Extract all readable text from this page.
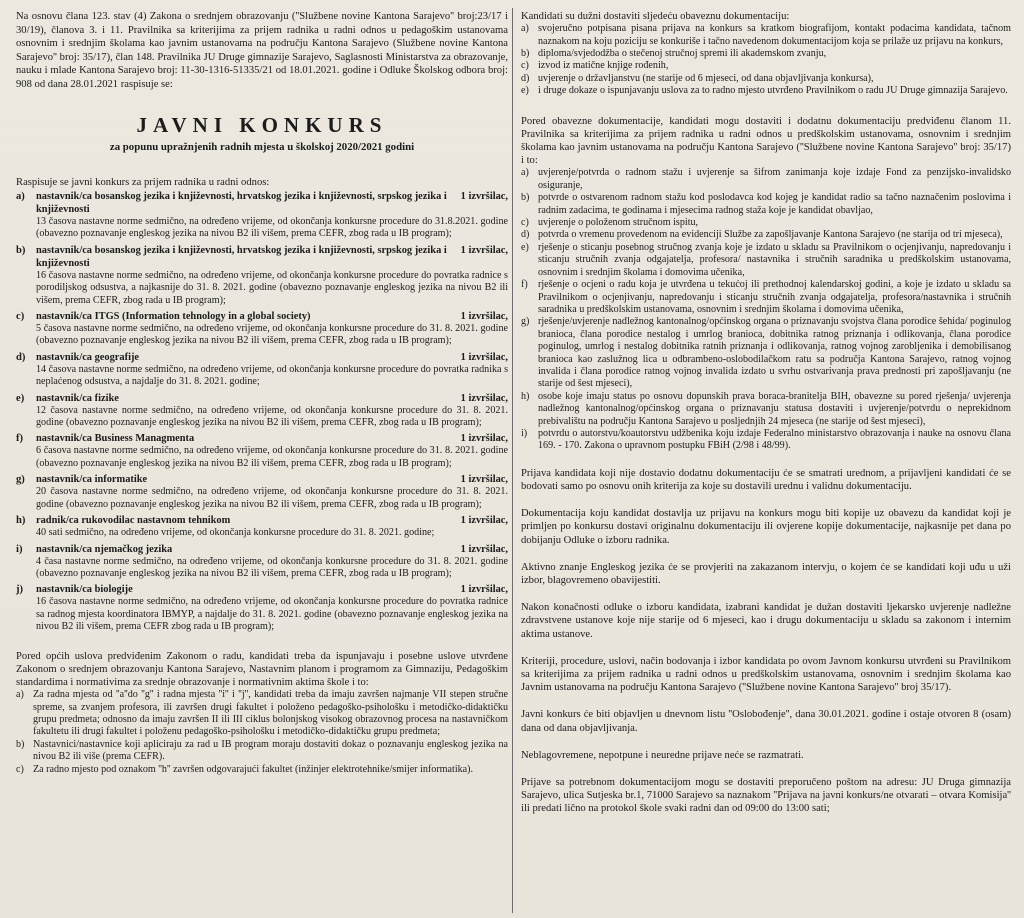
Na osnovu člana 123. stav (4) Zakona o srednjem obrazovanju (''Službene novine Kantona Sarajevo'' broj:23/17 i 30/19), članova 3. i 11. Pravilnika sa kriterijima za prijem radnika u radni odnos u pedagoškim ustanovama osnovnim i srednjim školama kao javnim ustanovama na području Kantona Sarajevo (Službene novine Kantona Sarajevo'' broj: 35/17), član 148. Pravilnika JU Druge gimnazije Sarajevo, Saglasnosti Ministarstva za obrazovanje, nauku i mlade Kantona Sarajevo broj: 11-30-1316-51335/21 od 18.01.2021. godine i Odluke Školskog odbora broj: 908 od dana 28.01.2021 raspisuje se:

JAVNI KONKURS
za popunu upražnjenih radnih mjesta u školskoj 2020/2021 godini

Raspisuje se javni konkurs za prijem radnika u radni odnos:

a)	nastavnik/ca bosanskog jezika i književnosti, hrvatskog jezika i književnosti, srpskog jezika i književnosti
1 izvršilac,

13 časova nastavne norme sedmično, na određeno vrijeme, od okončanja konkursne procedure do 31.8.2021. godine (obavezno poznavanje engleskog jezika na nivou B2 ili višem, prema CEFR, zbog rada u IB program);

b)	nastavnik/ca bosanskog jezika i književnosti, hrvatskog jezika i književnosti, srpskog jezika i književnosti
1 izvršilac,

16 časova nastavne norme sedmično, na određeno vrijeme, od okončanja konkursne procedure do povratka radnice s porodiljskog odsustva, a najkasnije do 31. 8. 2021. godine (obavezno poznavanje engleskog jezika na nivou B2 ili višem, prema CEFR, zbog rada u IB program);

c)	nastavnik/ca ITGS (Information tehnology in a global society)	1 izvršilac,

5 časova nastavne norme sedmično, na određeno vrijeme, od okončanja konkursne procedure do 31. 8. 2021. godine (obavezno poznavanje engleskog jezika na nivou B2 ili višem, prema CEFR, zbog rada u IB program);

d)	nastavnik/ca geografije	1 izvršilac,

14 časova nastavne norme sedmično, na određeno vrijeme, od okončanja konkursne procedure do povratka radnika s neplaćenog odsustva, a najdalje do 31. 8. 2021. godine;

e)	nastavnik/ca fizike	1 izvršilac,

12 časova nastavne norme sedmično, na određeno vrijeme, od okončanja konkursne procedure do 31. 8. 2021. godine (obavezno poznavanje engleskog jezika na nivou B2 ili višem, prema CEFR, zbog rada u IB program);

f)	nastavnik/ca Business Managmenta	1 izvršilac,

6 časova nastavne norme sedmično, na određeno vrijeme, od okončanja konkursne procedure do 31. 8. 2021. godine (obavezno poznavanje engleskog jezika na nivou B2 ili višem, prema CEFR, zbog rada u IB program);

g)	nastavnik/ca informatike	1 izvršilac,

20 časova nastavne norme sedmično, na određeno vrijeme, od okončanja konkursne procedure do 31. 8. 2021. godine (obavezno poznavanje engleskog jezika na nivou B2 ili višem, prema CEFR, zbog rada u IB program);

h)	radnik/ca rukovodilac nastavnom tehnikom	1 izvršilac,

40 sati sedmično, na određeno vrijeme, od okončanja konkursne procedure do 31. 8. 2021. godine;

i)	nastavnik/ca njemačkog jezika	1 izvršilac,

4 časa nastavne norme sedmično, na određeno vrijeme, od okončanja konkursne procedure do 31. 8. 2021. godine (obavezno poznavanje engleskog jezika na nivou B2 ili višem, prema CEFR, zbog rada u IB program);

j)	nastavnik/ca biologije	1 izvršilac,

16 časova nastavne norme sedmično, na određeno vrijeme, od okončanja konkursne procedure do povratka radnice sa radnog mjesta koordinatora IBMYP, a najdalje do 31. 8. 2021. godine (obavezno poznavanje engleskog jezika na nivou B2 ili višem, prema CEFR zbog rada u IB program);

Pored općih uslova predviđenim Zakonom o radu, kandidati treba da ispunjavaju i posebne uslove utvrđene Zakonom o srednjem obrazovanju Kantona Sarajevo, Nastavnim planom i programom za Gimnaziju, Pedagoškim standardima i normativima za srednje obrazovanje i normativnim aktima škole i to:

a) Za radna mjesta od ''a''do ''g'' i radna mjesta ''i'' i ''j'', kandidati treba da imaju završen najmanje VII stepen stručne spreme, sa zvanjem profesora, ili završen drugi fakultet i položeno pedagoško-psihološku i metodičko-didaktičku grupu predmeta; odnosno da imaju završen II ili III ciklus bolonjskog visokog obrazovnog procesa na nastavničkom fakultetu ili drugi fakultet i položenu pedagoško-psihološku i metodičko-didaktičku grupu predmeta;
b) Nastavnici/nastavnice koji apliciraju za rad u IB program moraju dostaviti dokaz o poznavanju engleskog jezika na nivou B2 ili više (prema CEFR).
c) Za radno mjesto pod oznakom ''h'' završen odgovarajući fakultet (inžinjer elektrotehnike/smijer informatika).

Kandidati su dužni dostaviti sljedeću obaveznu dokumentaciju:

a) svojeručno potpisana pisana prijava na konkurs sa kratkom biografijom, kontakt podacima kandidata, tačnom naznakom na koju poziciju se konkuriše i tačno navedenom dokumentacijom koja se prilaže uz prijavu na konkurs,
b) diploma/svjedodžba o stečenoj stručnoj spremi ili akademskom zvanju,
c) izvod iz matične knjige rođenih,
d) uvjerenje o državljanstvu (ne starije od 6 mjeseci, od dana objavljivanja konkursa),
e) i druge dokaze o ispunjavanju uslova za to radno mjesto utvrđeno Pravilnikom o radu JU Druge gimnazija Sarajevo.

Pored obavezne dokumentacije, kandidati mogu dostaviti i dodatnu dokumentaciju predviđenu članom 11. Pravilnika sa kriterijima za prijem radnika u radni odnos u predškolskim ustanovama, osnovnim i srednjim školama kao javnim ustanovama na području Kantona Sarajevo (''Službene novine Kantona Sarajevo'' broj: 35/17) i to:

a) uvjerenje/potvrda o radnom stažu i uvjerenje sa šifrom zanimanja koje izdaje Fond za penzijsko-invalidsko osiguranje,
b) potvrde o ostvarenom radnom stažu kod poslodavca kod kojeg je kandidat radio sa tačno naznačenim poslovima i radnim zadacima, te godinama i mjesecima radnog staža koje je kandidat obavljao,
c) uvjerenje o položenom stručnom ispitu,
d) potvrda o vremenu provedenom na evidenciji Službe za zapošljavanje Kantona Sarajevo (ne starija od tri mjeseca),
e) rješenje o sticanju posebnog stručnog zvanja koje je izdato u skladu sa Pravilnikom o ocjenjivanju, napredovanju i sticanju stručnih zvanja odgajatelja, profesora/ nastavnika i stručnih saradnika u predškolskim ustanovama, osnovnim i srednjim školama i domovima učenika,
f)	rješenje o ocjeni o radu koja je utvrđena u tekućoj ili prethodnoj kalendarskoj godini, a koje je izdato u skladu sa Pravilnikom o ocjenjivanju, napredovanju i sticanju stručnih zvanja odgajatelja, profesora/nastavnika i stručnih saradnika u predškolskim ustanovama, osnovnim i srednjim školama i domovima učenika,
g) rješenje/uvjerenje nadležnog kantonalnog/općinskog organa o priznavanju svojstva člana porodice šehida/ poginulog branioca, člana porodice nestalog i umrlog branioca, dobitnika ratnog priznanja i odlikovanja, člana porodice poginulog, umrlog i nestalog dobitnika ratnih priznanja i odlikovanja, ratnog vojnog zarobljenika i demobilisanog branioca kao zaslužnog lica u odbrambeno-oslobodilačkom ratu sa područja Kantona Sarajevo, ratnog vojnog invalida i člana porodice ratnog vojnog invalida izdato u svrhu ostvarivanja prava prednosti pri zapošljavanju (ne starije od šest mjeseci),
h) osobe koje imaju status po osnovu dopunskih prava boraca-branitelja BIH, obavezne su pored rješenja/ uvjerenja nadležnog kantonalnog/općinskog organa o priznavanju statusa dostaviti i uvjerenje/potvrdu o neprekidnom prebivalištu na području Kantona Sarajevo u posljednjih 24 mjeseca (ne starije od šest mjeseci),
i)	potvrdu o autorstvu/koautorstvu udžbenika koju izdaje Federalno ministarstvo obrazovanja i nauke na osnovu člana 169. - 170. Zakona o upravnom postupku FBiH (2/98 i 48/99).

Prijava kandidata koji nije dostavio dodatnu dokumentaciju će se smatrati urednom, a prijavljeni kandidati će se bodovati samo po osnovu onih kriterija za koje su dostavili urednu i validnu dokumentaciju.

Dokumentacija koju kandidat dostavlja uz prijavu na konkurs mogu biti kopije uz obavezu da kandidat koji je primljen po konkursu dostavi originalnu dokumentaciju ili ovjerene kopije dokumentacije, najkasnije pet dana po dobijanju Odluke o izboru radnika.

Aktivno znanje Engleskog jezika će se provjeriti na zakazanom intervju, o kojem će se kandidati koji uđu u uži izbor, blagovremeno obavijestiti.

Nakon konačnosti odluke o izboru kandidata, izabrani kandidat je dužan dostaviti ljekarsko uvjerenje nadležne zdravstvene ustanove koje nije starije od 6 mjeseci, kao i drugu dokumentaciju u skladu sa zakonom i internim aktima ustanove.

Kriteriji, procedure, uslovi, način bodovanja i izbor kandidata po ovom Javnom konkursu utvrđeni su Pravilnikom sa kriterijima za prijem radnika u radni odnos u predškolskim ustanovama, osnovnim i srednjim školama kao Javnim ustanovama na području Kantona Sarajevo (''Službene novine Kantona Sarajevo'' broj 35/17).

Javni konkurs će biti objavljen u dnevnom listu ''Oslobođenje'', dana 30.01.2021. godine i ostaje otvoren 8 (osam) dana od dana objavljivanja.

Neblagovremene, nepotpune i neuredne prijave neće se razmatrati.

Prijave sa potrebnom dokumentacijom mogu se dostaviti preporučeno poštom na adresu: JU Druga gimnazija Sarajevo, ulica Sutjeska br.1, 71000 Sarajevo sa naznakom ''Prijava na javni konkurs/ne otvarati – otvara Komisija'' ili predati lično na protokol škole svaki radni dan od 09:00 do 13:00 sati;
